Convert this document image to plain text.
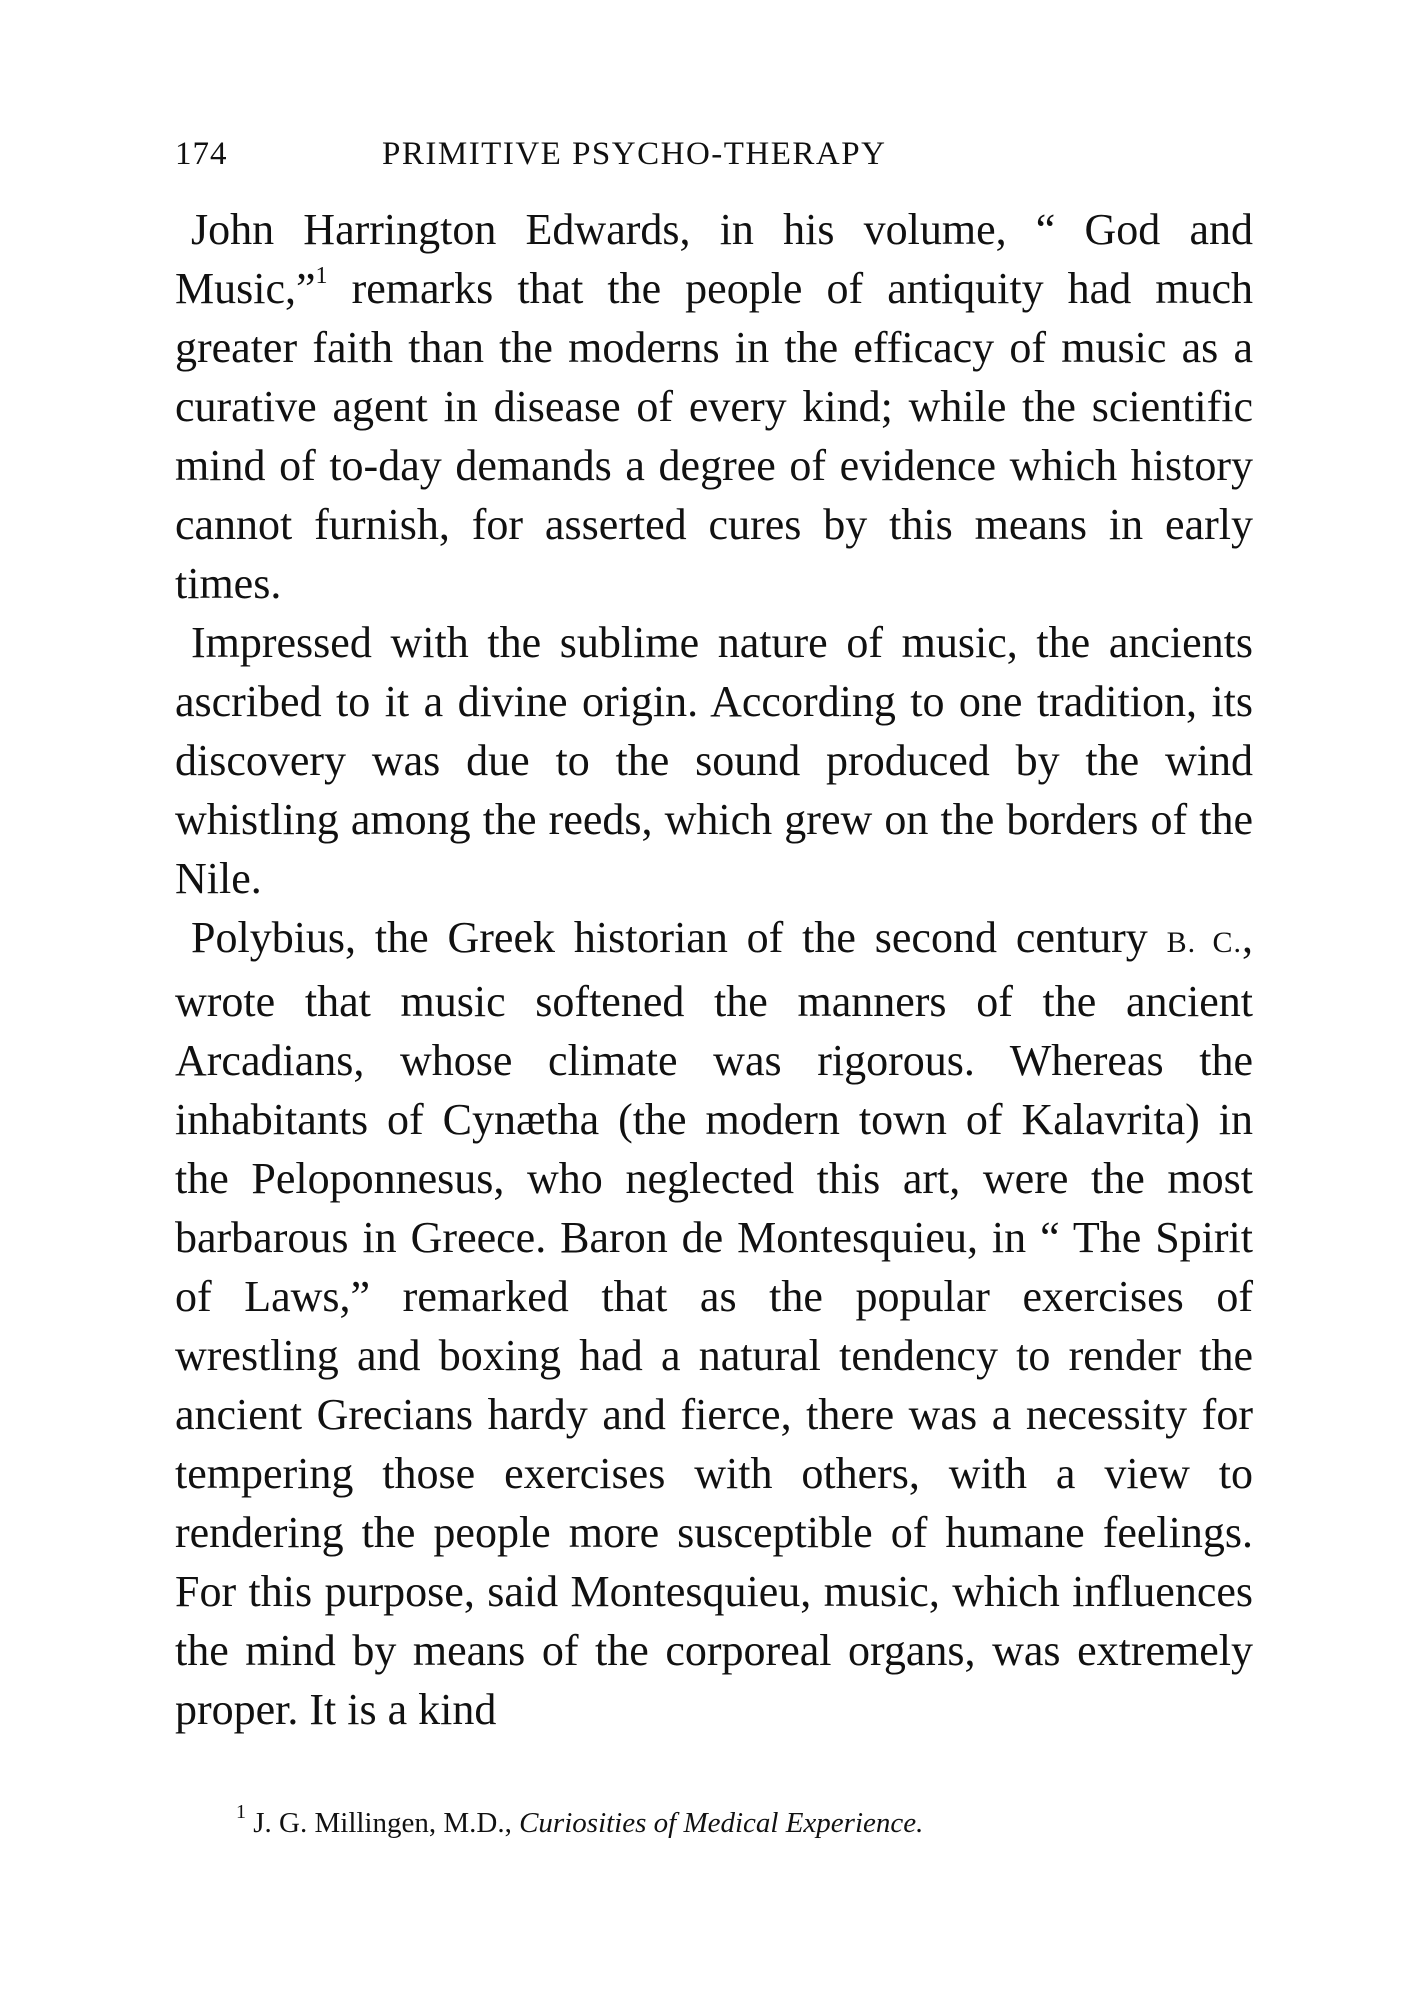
174	PRIMITIVE PSYCHO-THERAPY

John Harrington Edwards, in his volume, “ God and Music,”$^1$ remarks that the people of antiquity had much greater faith than the moderns in the efficacy of music as a curative agent in disease of every kind; while the scientific mind of to-day demands a degree of evidence which history cannot furnish, for asserted cures by this means in early times.

Impressed with the sublime nature of music, the ancients ascribed to it a divine origin. According to one tradition, its discovery was due to the sound produced by the wind whistling among the reeds, which grew on the borders of the Nile.

Polybius, the Greek historian of the second century B. C., wrote that music softened the manners of the ancient Arcadians, whose climate was rigorous. Whereas the inhabitants of Cynætha (the modern town of Kalavrita) in the Peloponnesus, who neglected this art, were the most barbarous in Greece. Baron de Montesquieu, in “ The Spirit of Laws,” remarked that as the popular exercises of wrestling and boxing had a natural tendency to render the ancient Grecians hardy and fierce, there was a necessity for tempering those exercises with others, with a view to rendering the people more susceptible of humane feelings. For this purpose, said Montesquieu, music, which influences the mind by means of the corporeal organs, was extremely proper. It is a kind

$^1$ J. G. Millingen, M.D., Curiosities of Medical Experience.
